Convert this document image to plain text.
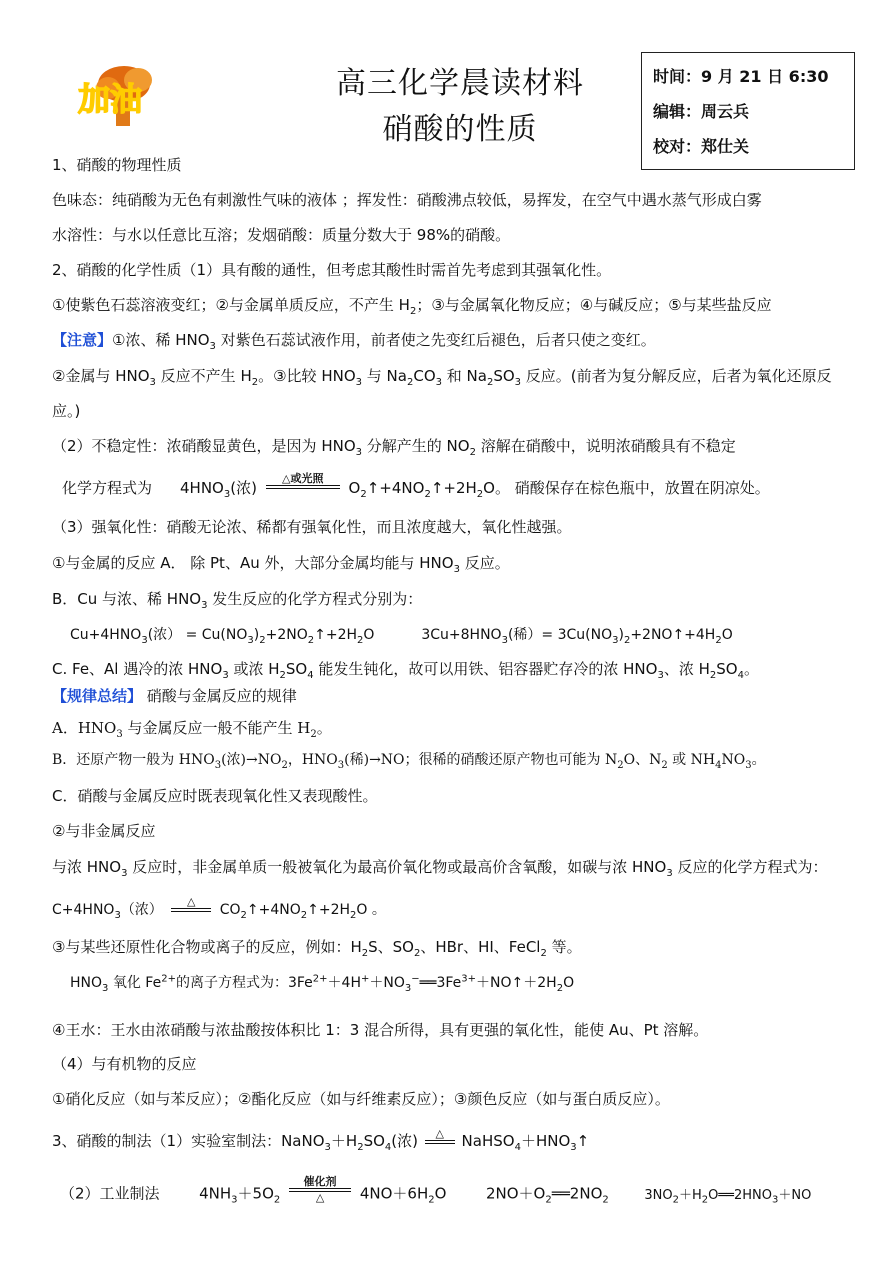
加油	高三化学晨读材料
硝酸的性质
时间：9 月 21 日 6:30
编辑：周云兵
校对：郑仕关
1、硝酸的物理性质
色味态：纯硝酸为无色有刺激性气味的液体 ；挥发性：硝酸沸点较低，易挥发，在空气中遇水蒸气形成白雾
水溶性：与水以任意比互溶；发烟硝酸：质量分数大于 98%的硝酸。
2、硝酸的化学性质（1）具有酸的通性，但考虑其酸性时需首先考虑到其强氧化性。
①使紫色石蕊溶液变红；②与金属单质反应，不产生 $H_2$；③与金属氧化物反应；④与碱反应；⑤与某些盐反应
【注意】①浓、稀 $HNO_3$ 对紫色石蕊试液作用，前者使之先变红后褪色，后者只使之变红。
②金属与 $HNO_3$ 反应不产生 $H_2$。③比较 $HNO_3$ 与 $Na_2CO_3$ 和 $Na_2SO_3$ 反应。(前者为复分解反应，后者为氧化还原反
应。)
（2）不稳定性：浓硝酸显黄色，是因为 $HNO_3$ 分解产生的 $NO_2$ 溶解在硝酸中，说明浓硝酸具有不稳定
化学方程式为 $4HNO_3$(浓)
△或光照
$O_2↑+4NO_2↑+2H_2O$。 硝酸保存在棕色瓶中，放置在阴凉处。
（3）强氧化性：硝酸无论浓、稀都有强氧化性，而且浓度越大，氧化性越强。
①与金属的反应 A． 除 Pt、Au 外，大部分金属均能与 $HNO_3$ 反应。
B．Cu 与浓、稀 $HNO_3$ 发生反应的化学方程式分别为：
$Cu+4HNO_3$(浓） = $Cu(NO_3)_2+2NO_2↑+2H_2O$	$3Cu+8HNO_3$(稀）= $3Cu(NO_3)_2+2NO↑+4H_2O$
C. Fe、Al 遇冷的浓 $HNO_3$ 或浓 $H_2SO_4$ 能发生钝化，故可以用铁、铝容器贮存冷的浓 $HNO_3$、浓 $H_2SO_4$。
【规律总结】 硝酸与金属反应的规律
A．$HNO_3$ 与金属反应一般不能产生 $H_2$。
B．还原产物一般为 $HNO_3$(浓)$\to NO_2$，$HNO_3$(稀)→NO；很稀的硝酸还原产物也可能为 $N_2O$、$N_2$ 或 $NH_4NO_3$。
C．硝酸与金属反应时既表现氧化性又表现酸性。
②与非金属反应
与浓 $HNO_3$ 反应时，非金属单质一般被氧化为最高价氧化物或最高价含氧酸，如碳与浓 $HNO_3$ 反应的化学方程式为：
$C+4HNO_3$（浓）
△
$CO_2↑+4NO_2↑+2H_2O$ 。
③与某些还原性化合物或离子的反应，例如：$H_2S$、$SO_2$、HBr、HI、FeCl$_2$ 等。
$HNO_3$ 氧化 $Fe^{2+}$的离子方程式为：$3Fe^{2+}+4H^++NO_3^-══3Fe^{3+}+NO↑+2H_2O$
④王水：王水由浓硝酸与浓盐酸按体积比 1：3 混合所得，具有更强的氧化性，能使 Au、Pt 溶解。
（4）与有机物的反应
①硝化反应（如与苯反应）；②酯化反应（如与纤维素反应）；③颜色反应（如与蛋白质反应）。
3、硝酸的制法（1）实验室制法：$NaNO_3+H_2SO_4$(浓)	△	$NaHSO_4+HNO_3↑$
（2）工业制法	$4NH_3+5O_2$
催化剂
△	$4NO+6H_2O$	$2NO+O_2══2NO_2$	$3NO_2+H_2O══2HNO_3+NO$
